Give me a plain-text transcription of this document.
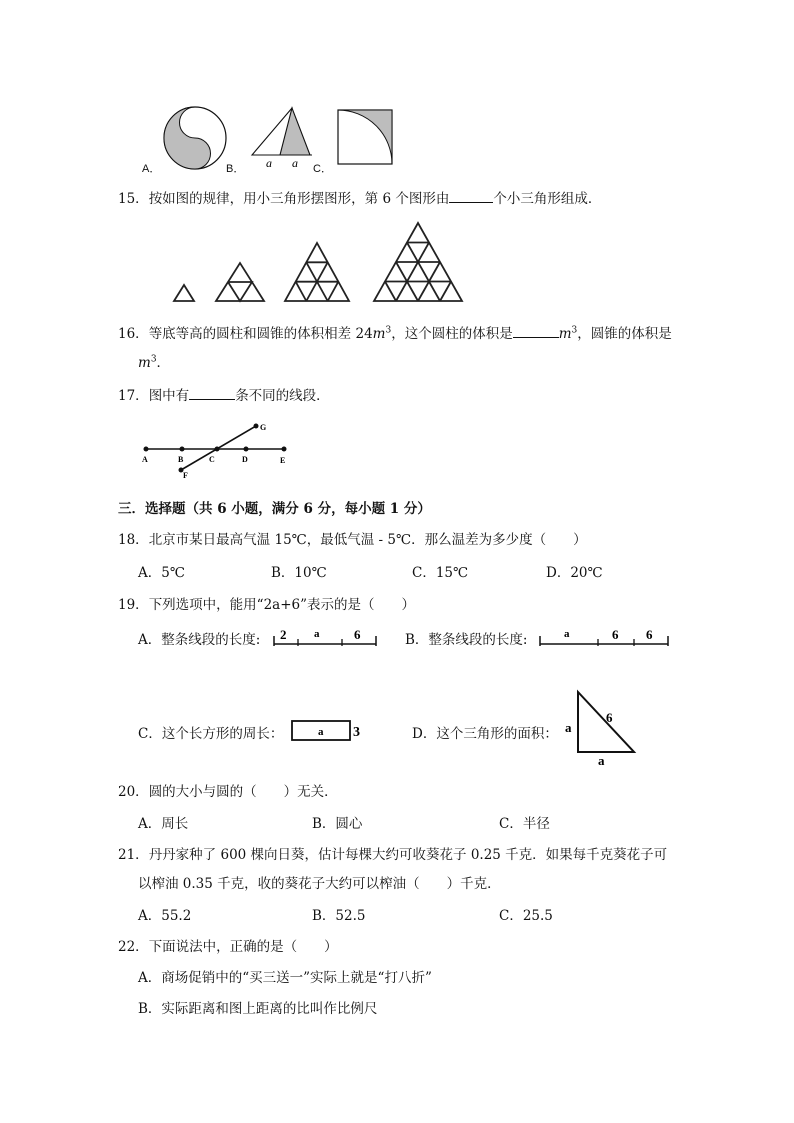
A．	B． a a C．
15．按如图的规律，用小三角形摆图形，第 6 个图形由	个小三角形组成．
16．等底等高的圆柱和圆锥的体积相差 $24m^3$，这个圆柱的体积是	$m^3$，圆锥的体积是
$m^3$．
17．图中有	条不同的线段．
A	B	C	D	E
F
G
三．选择题（共 6 小题，满分 6 分，每小题 1 分）
18．北京市某日最高气温 15℃，最低气温 - 5℃．那么温差为多少度（　　）
A．5℃	B．10℃	C．15℃	D．20℃
19．下列选项中，能用“2a+6”表示的是（　　）
A．整条线段的长度: 2	a	6	B．整条线段的长度:	a	6 6
C．这个长方形的周长：	a 3	D．这个三角形的面积： a
6
a
20．圆的大小与圆的（　　）无关．
A．周长	B．圆心	C．半径
21．丹丹家种了 600 棵向日葵，估计每棵大约可收葵花子 0.25 千克．如果每千克葵花子可
以榨油 0.35 千克，收的葵花子大约可以榨油（　　）千克．
A．55.2	B．52.5	C．25.5
22．下面说法中，正确的是（　　）
A．商场促销中的“买三送一”实际上就是“打八折”
B．实际距离和图上距离的比叫作比例尺
